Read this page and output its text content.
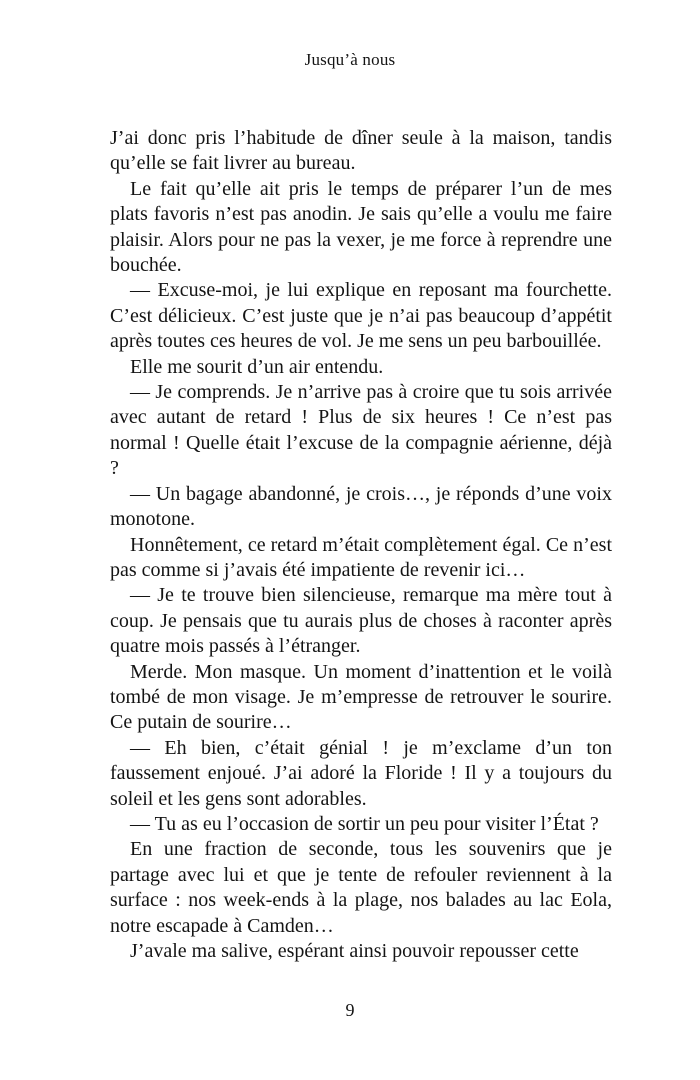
Jusqu’à nous

J’ai donc pris l’habitude de dîner seule à la maison, tandis qu’elle se fait livrer au bureau.

Le fait qu’elle ait pris le temps de préparer l’un de mes plats favoris n’est pas anodin. Je sais qu’elle a voulu me faire plaisir. Alors pour ne pas la vexer, je me force à reprendre une bouchée.

— Excuse-moi, je lui explique en reposant ma fourchette. C’est délicieux. C’est juste que je n’ai pas beaucoup d’appétit après toutes ces heures de vol. Je me sens un peu barbouillée.

Elle me sourit d’un air entendu.

— Je comprends. Je n’arrive pas à croire que tu sois arrivée avec autant de retard ! Plus de six heures ! Ce n’est pas normal ! Quelle était l’excuse de la compagnie aérienne, déjà ?

— Un bagage abandonné, je crois…, je réponds d’une voix monotone.

Honnêtement, ce retard m’était complètement égal. Ce n’est pas comme si j’avais été impatiente de revenir ici…

— Je te trouve bien silencieuse, remarque ma mère tout à coup. Je pensais que tu aurais plus de choses à raconter après quatre mois passés à l’étranger.

Merde. Mon masque. Un moment d’inattention et le voilà tombé de mon visage. Je m’empresse de retrouver le sourire. Ce putain de sourire…

— Eh bien, c’était génial ! je m’exclame d’un ton faussement enjoué. J’ai adoré la Floride ! Il y a toujours du soleil et les gens sont adorables.

— Tu as eu l’occasion de sortir un peu pour visiter l’État ?

En une fraction de seconde, tous les souvenirs que je partage avec lui et que je tente de refouler reviennent à la surface : nos week-ends à la plage, nos balades au lac Eola, notre escapade à Camden…

J’avale ma salive, espérant ainsi pouvoir repousser cette

9
